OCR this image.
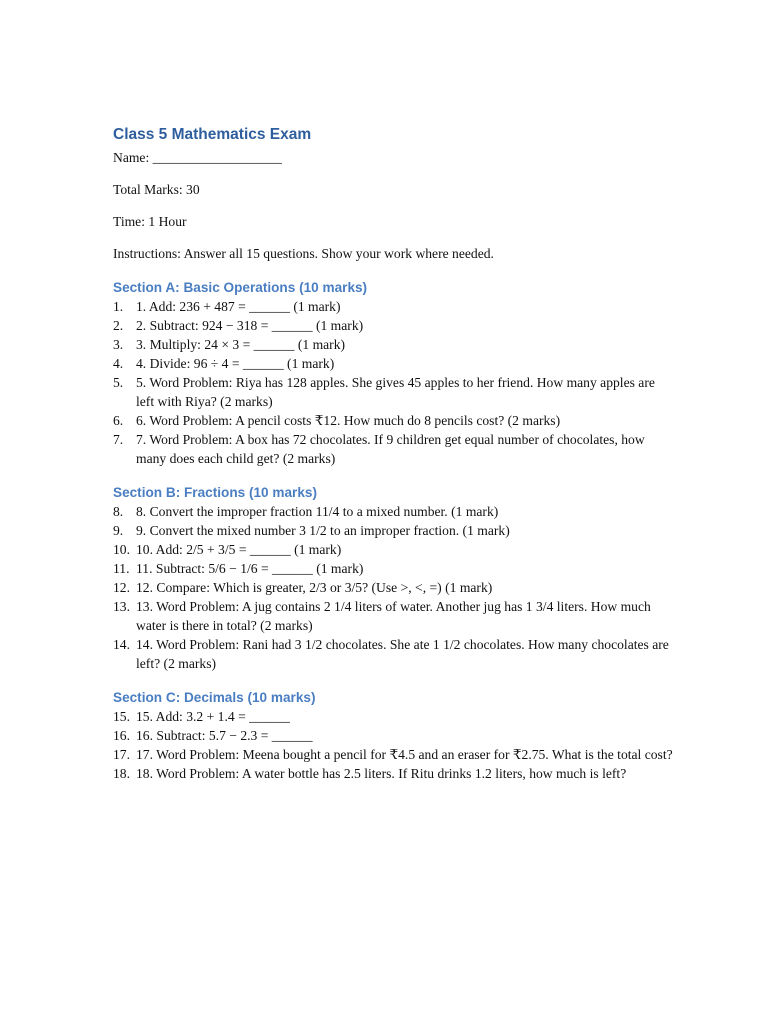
Class 5 Mathematics Exam

Name: ___________________

Total Marks: 30

Time: 1 Hour

Instructions: Answer all 15 questions. Show your work where needed.

Section A: Basic Operations (10 marks)
1. 1. Add: 236 + 487 = ______ (1 mark)
2. 2. Subtract: 924 − 318 = ______ (1 mark)
3. 3. Multiply: 24 × 3 = ______ (1 mark)
4. 4. Divide: 96 ÷ 4 = ______ (1 mark)
5. 5. Word Problem: Riya has 128 apples. She gives 45 apples to her friend. How many apples are left with Riya? (2 marks)
6. 6. Word Problem: A pencil costs ₹12. How much do 8 pencils cost? (2 marks)
7. 7. Word Problem: A box has 72 chocolates. If 9 children get equal number of chocolates, how many does each child get? (2 marks)
Section B: Fractions (10 marks)
8. 8. Convert the improper fraction 11/4 to a mixed number. (1 mark)
9. 9. Convert the mixed number 3 1/2 to an improper fraction. (1 mark)
10. 10. Add: 2/5 + 3/5 = ______ (1 mark)
11. 11. Subtract: 5/6 − 1/6 = ______ (1 mark)
12. 12. Compare: Which is greater, 2/3 or 3/5? (Use >, <, =) (1 mark)
13. 13. Word Problem: A jug contains 2 1/4 liters of water. Another jug has 1 3/4 liters. How much water is there in total? (2 marks)
14. 14. Word Problem: Rani had 3 1/2 chocolates. She ate 1 1/2 chocolates. How many chocolates are left? (2 marks)
Section C: Decimals (10 marks)
15. 15. Add: 3.2 + 1.4 = ______
16. 16. Subtract: 5.7 − 2.3 = ______
17. 17. Word Problem: Meena bought a pencil for ₹4.5 and an eraser for ₹2.75. What is the total cost?
18. 18. Word Problem: A water bottle has 2.5 liters. If Ritu drinks 1.2 liters, how much is left?
